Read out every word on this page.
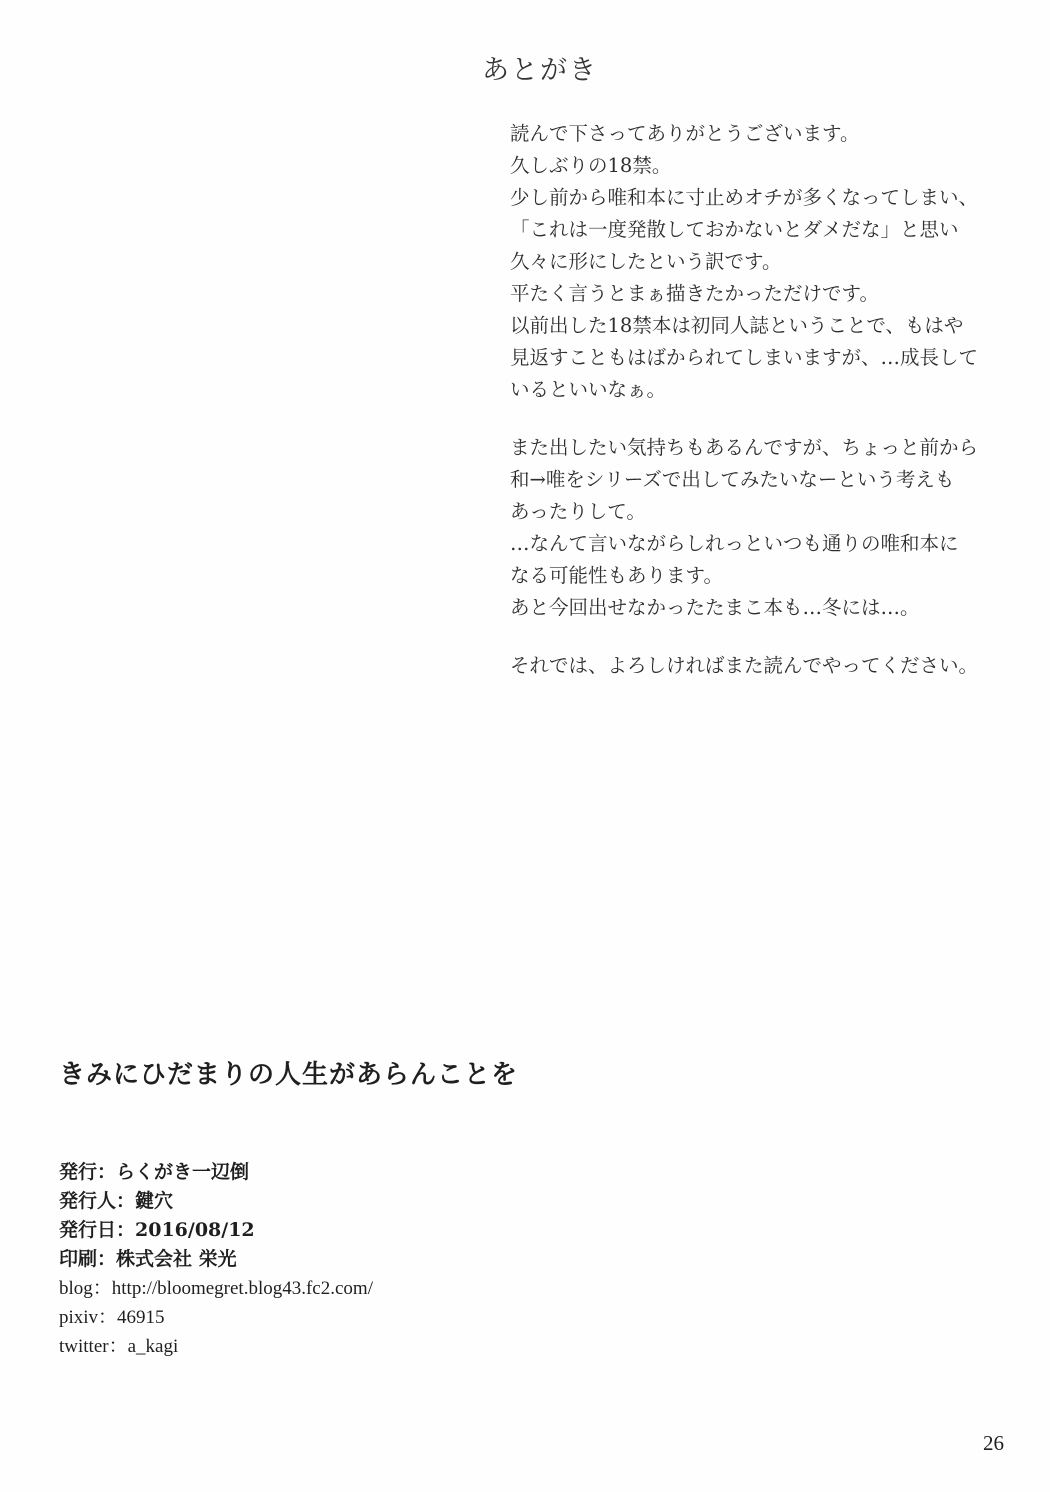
あとがき
読んで下さってありがとうございます。
久しぶりの18禁。
少し前から唯和本に寸止めオチが多くなってしまい、
「これは一度発散しておかないとダメだな」と思い
久々に形にしたという訳です。
平たく言うとまぁ描きたかっただけです。
以前出した18禁本は初同人誌ということで、もはや
見返すこともはばかられてしまいますが、…成長して
いるといいなぁ。
また出したい気持ちもあるんですが、ちょっと前から
和→唯をシリーズで出してみたいなーという考えも
あったりして。
…なんて言いながらしれっといつも通りの唯和本に
なる可能性もあります。
あと今回出せなかったたまこ本も…冬には…。
それでは、よろしければまた読んでやってください。
きみにひだまりの人生があらんことを
発行：らくがき一辺倒
発行人：鍵穴
発行日：2016/08/12
印刷：株式会社 栄光
blog：http://bloomegret.blog43.fc2.com/
pixiv：46915
twitter：a_kagi
26
